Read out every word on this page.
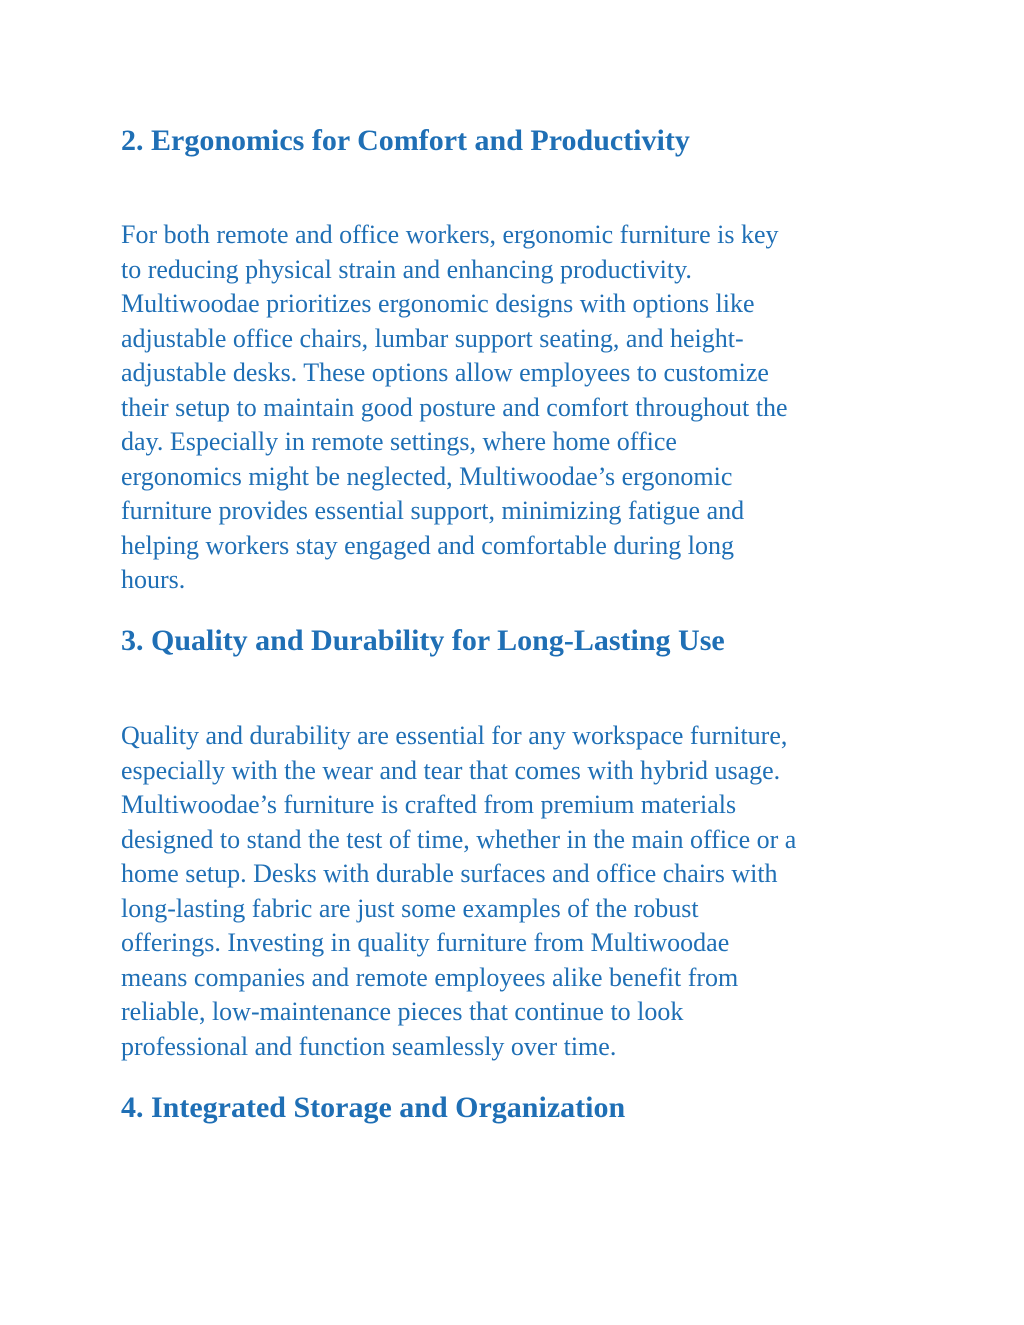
2. Ergonomics for Comfort and Productivity

For both remote and office workers, ergonomic furniture is key
to reducing physical strain and enhancing productivity.
Multiwoodae prioritizes ergonomic designs with options like
adjustable office chairs, lumbar support seating, and height-
adjustable desks. These options allow employees to customize
their setup to maintain good posture and comfort throughout the
day. Especially in remote settings, where home office
ergonomics might be neglected, Multiwoodae’s ergonomic
furniture provides essential support, minimizing fatigue and
helping workers stay engaged and comfortable during long
hours.

3. Quality and Durability for Long-Lasting Use

Quality and durability are essential for any workspace furniture,
especially with the wear and tear that comes with hybrid usage.
Multiwoodae’s furniture is crafted from premium materials
designed to stand the test of time, whether in the main office or a
home setup. Desks with durable surfaces and office chairs with
long-lasting fabric are just some examples of the robust
offerings. Investing in quality furniture from Multiwoodae
means companies and remote employees alike benefit from
reliable, low-maintenance pieces that continue to look
professional and function seamlessly over time.

4. Integrated Storage and Organization
